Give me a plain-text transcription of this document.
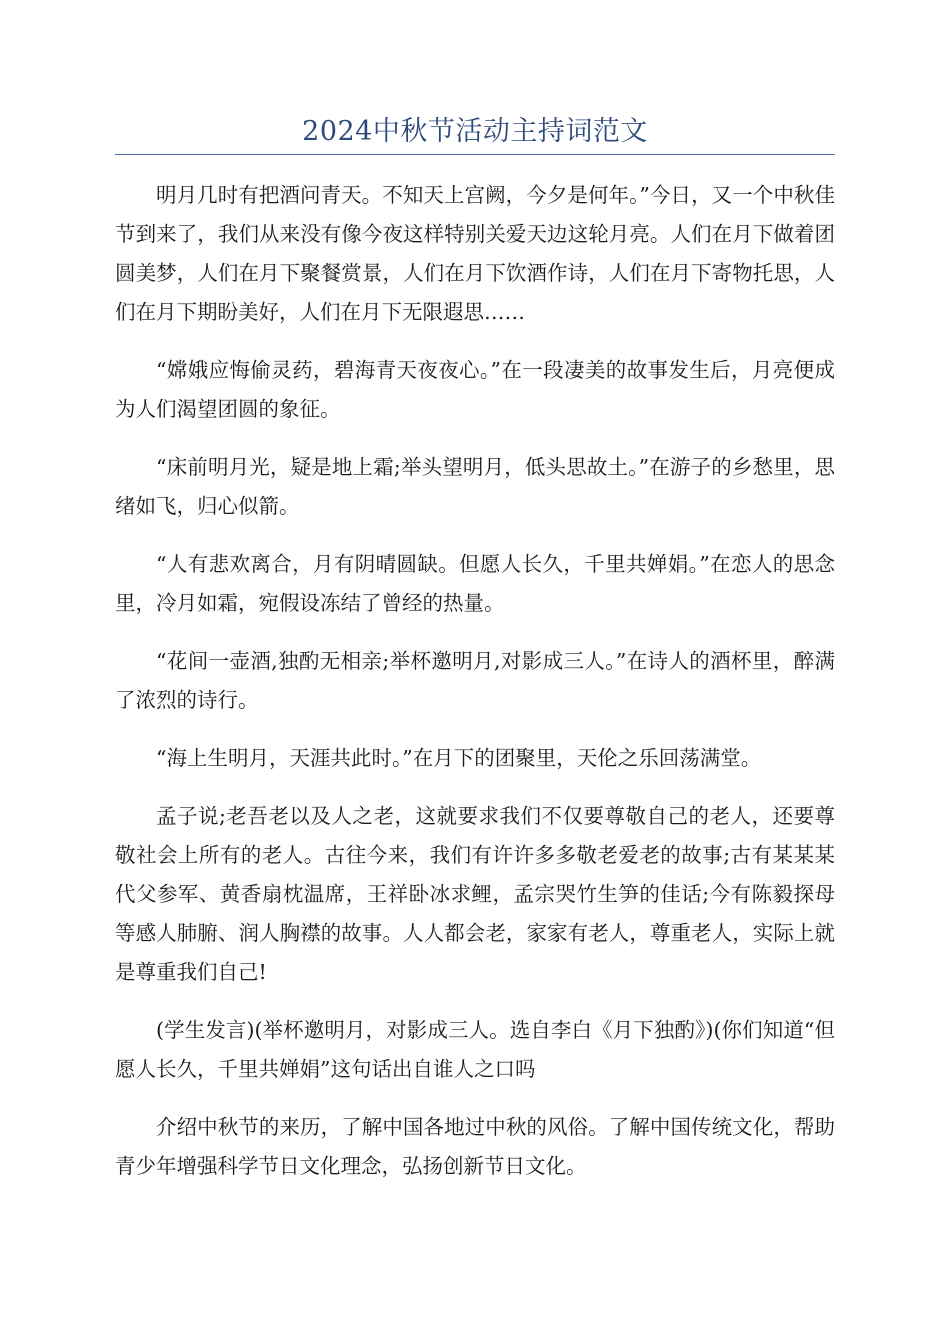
2024中秋节活动主持词范文

明月几时有把酒问青天。不知天上宫阙，今夕是何年。”今日，又一个中秋佳节到来了，我们从来没有像今夜这样特别关爱天边这轮月亮。人们在月下做着团圆美梦，人们在月下聚餐赏景，人们在月下饮酒作诗，人们在月下寄物托思，人们在月下期盼美好，人们在月下无限遐思……

“嫦娥应悔偷灵药，碧海青天夜夜心。”在一段凄美的故事发生后，月亮便成为人们渴望团圆的象征。

“床前明月光，疑是地上霜;举头望明月，低头思故土。”在游子的乡愁里，思绪如飞，归心似箭。

“人有悲欢离合，月有阴晴圆缺。但愿人长久，千里共婵娟。”在恋人的思念里，冷月如霜，宛假设冻结了曾经的热量。

“花间一壶酒,独酌无相亲;举杯邀明月,对影成三人。”在诗人的酒杯里，醉满了浓烈的诗行。

“海上生明月，天涯共此时。”在月下的团聚里，天伦之乐回荡满堂。

孟子说;老吾老以及人之老，这就要求我们不仅要尊敬自己的老人，还要尊敬社会上所有的老人。古往今来，我们有许许多多敬老爱老的故事;古有某某某代父参军、黄香扇枕温席，王祥卧冰求鲤，孟宗哭竹生笋的佳话;今有陈毅探母等感人肺腑、润人胸襟的故事。人人都会老，家家有老人，尊重老人，实际上就是尊重我们自己!

(学生发言)(举杯邀明月，对影成三人。选自李白《月下独酌》)(你们知道“但愿人长久，千里共婵娟”这句话出自谁人之口吗

介绍中秋节的来历，了解中国各地过中秋的风俗。了解中国传统文化，帮助青少年增强科学节日文化理念，弘扬创新节日文化。
